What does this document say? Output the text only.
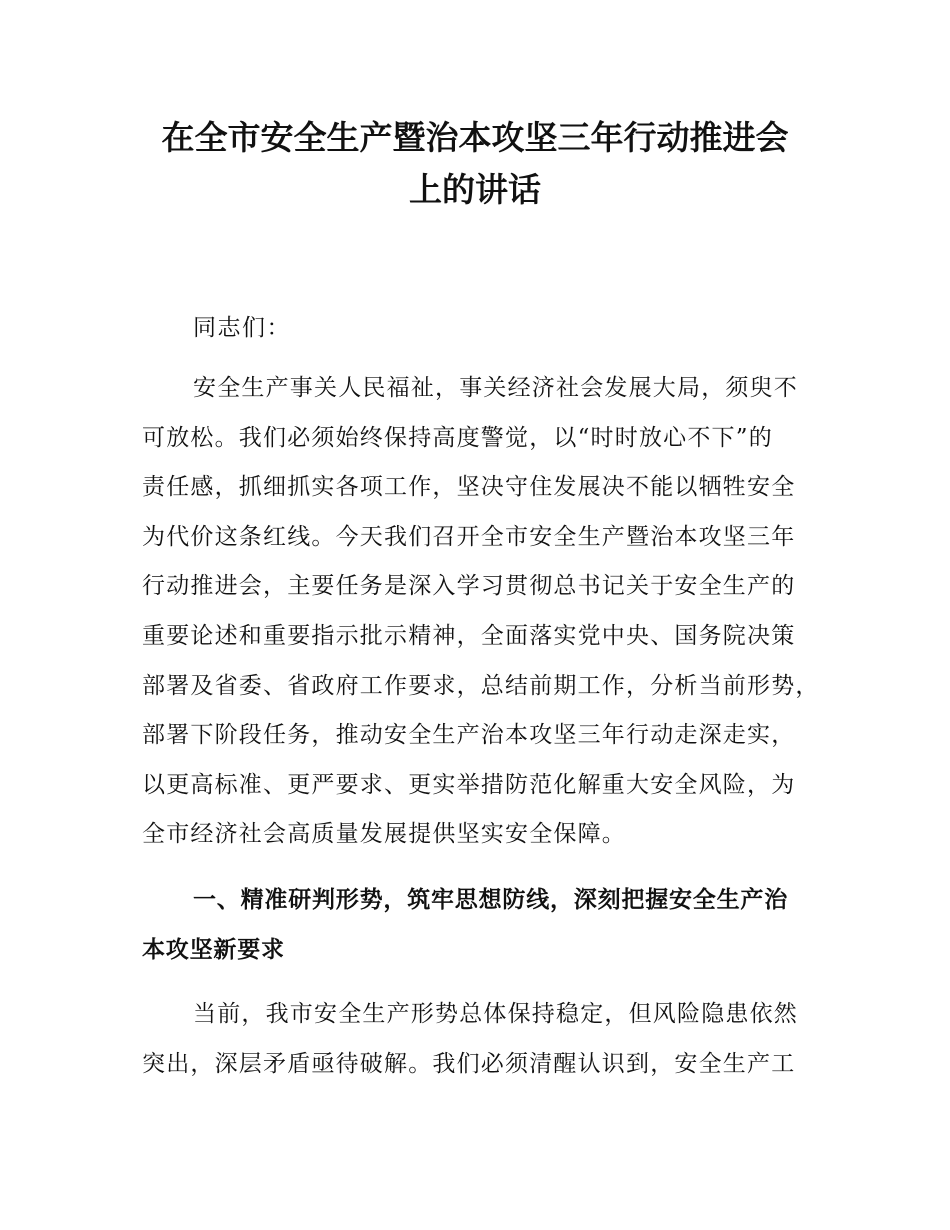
在全市安全生产暨治本攻坚三年行动推进会
上的讲话
同志们：
安全生产事关人民福祉，事关经济社会发展大局，须臾不
可放松。我们必须始终保持高度警觉，以“时时放心不下”的
责任感，抓细抓实各项工作，坚决守住发展决不能以牺牲安全
为代价这条红线。今天我们召开全市安全生产暨治本攻坚三年
行动推进会，主要任务是深入学习贯彻总书记关于安全生产的
重要论述和重要指示批示精神，全面落实党中央、国务院决策
部署及省委、省政府工作要求，总结前期工作，分析当前形势，
部署下阶段任务，推动安全生产治本攻坚三年行动走深走实，
以更高标准、更严要求、更实举措防范化解重大安全风险，为
全市经济社会高质量发展提供坚实安全保障。
一、精准研判形势，筑牢思想防线，深刻把握安全生产治
本攻坚新要求
当前，我市安全生产形势总体保持稳定，但风险隐患依然
突出，深层矛盾亟待破解。我们必须清醒认识到，安全生产工
